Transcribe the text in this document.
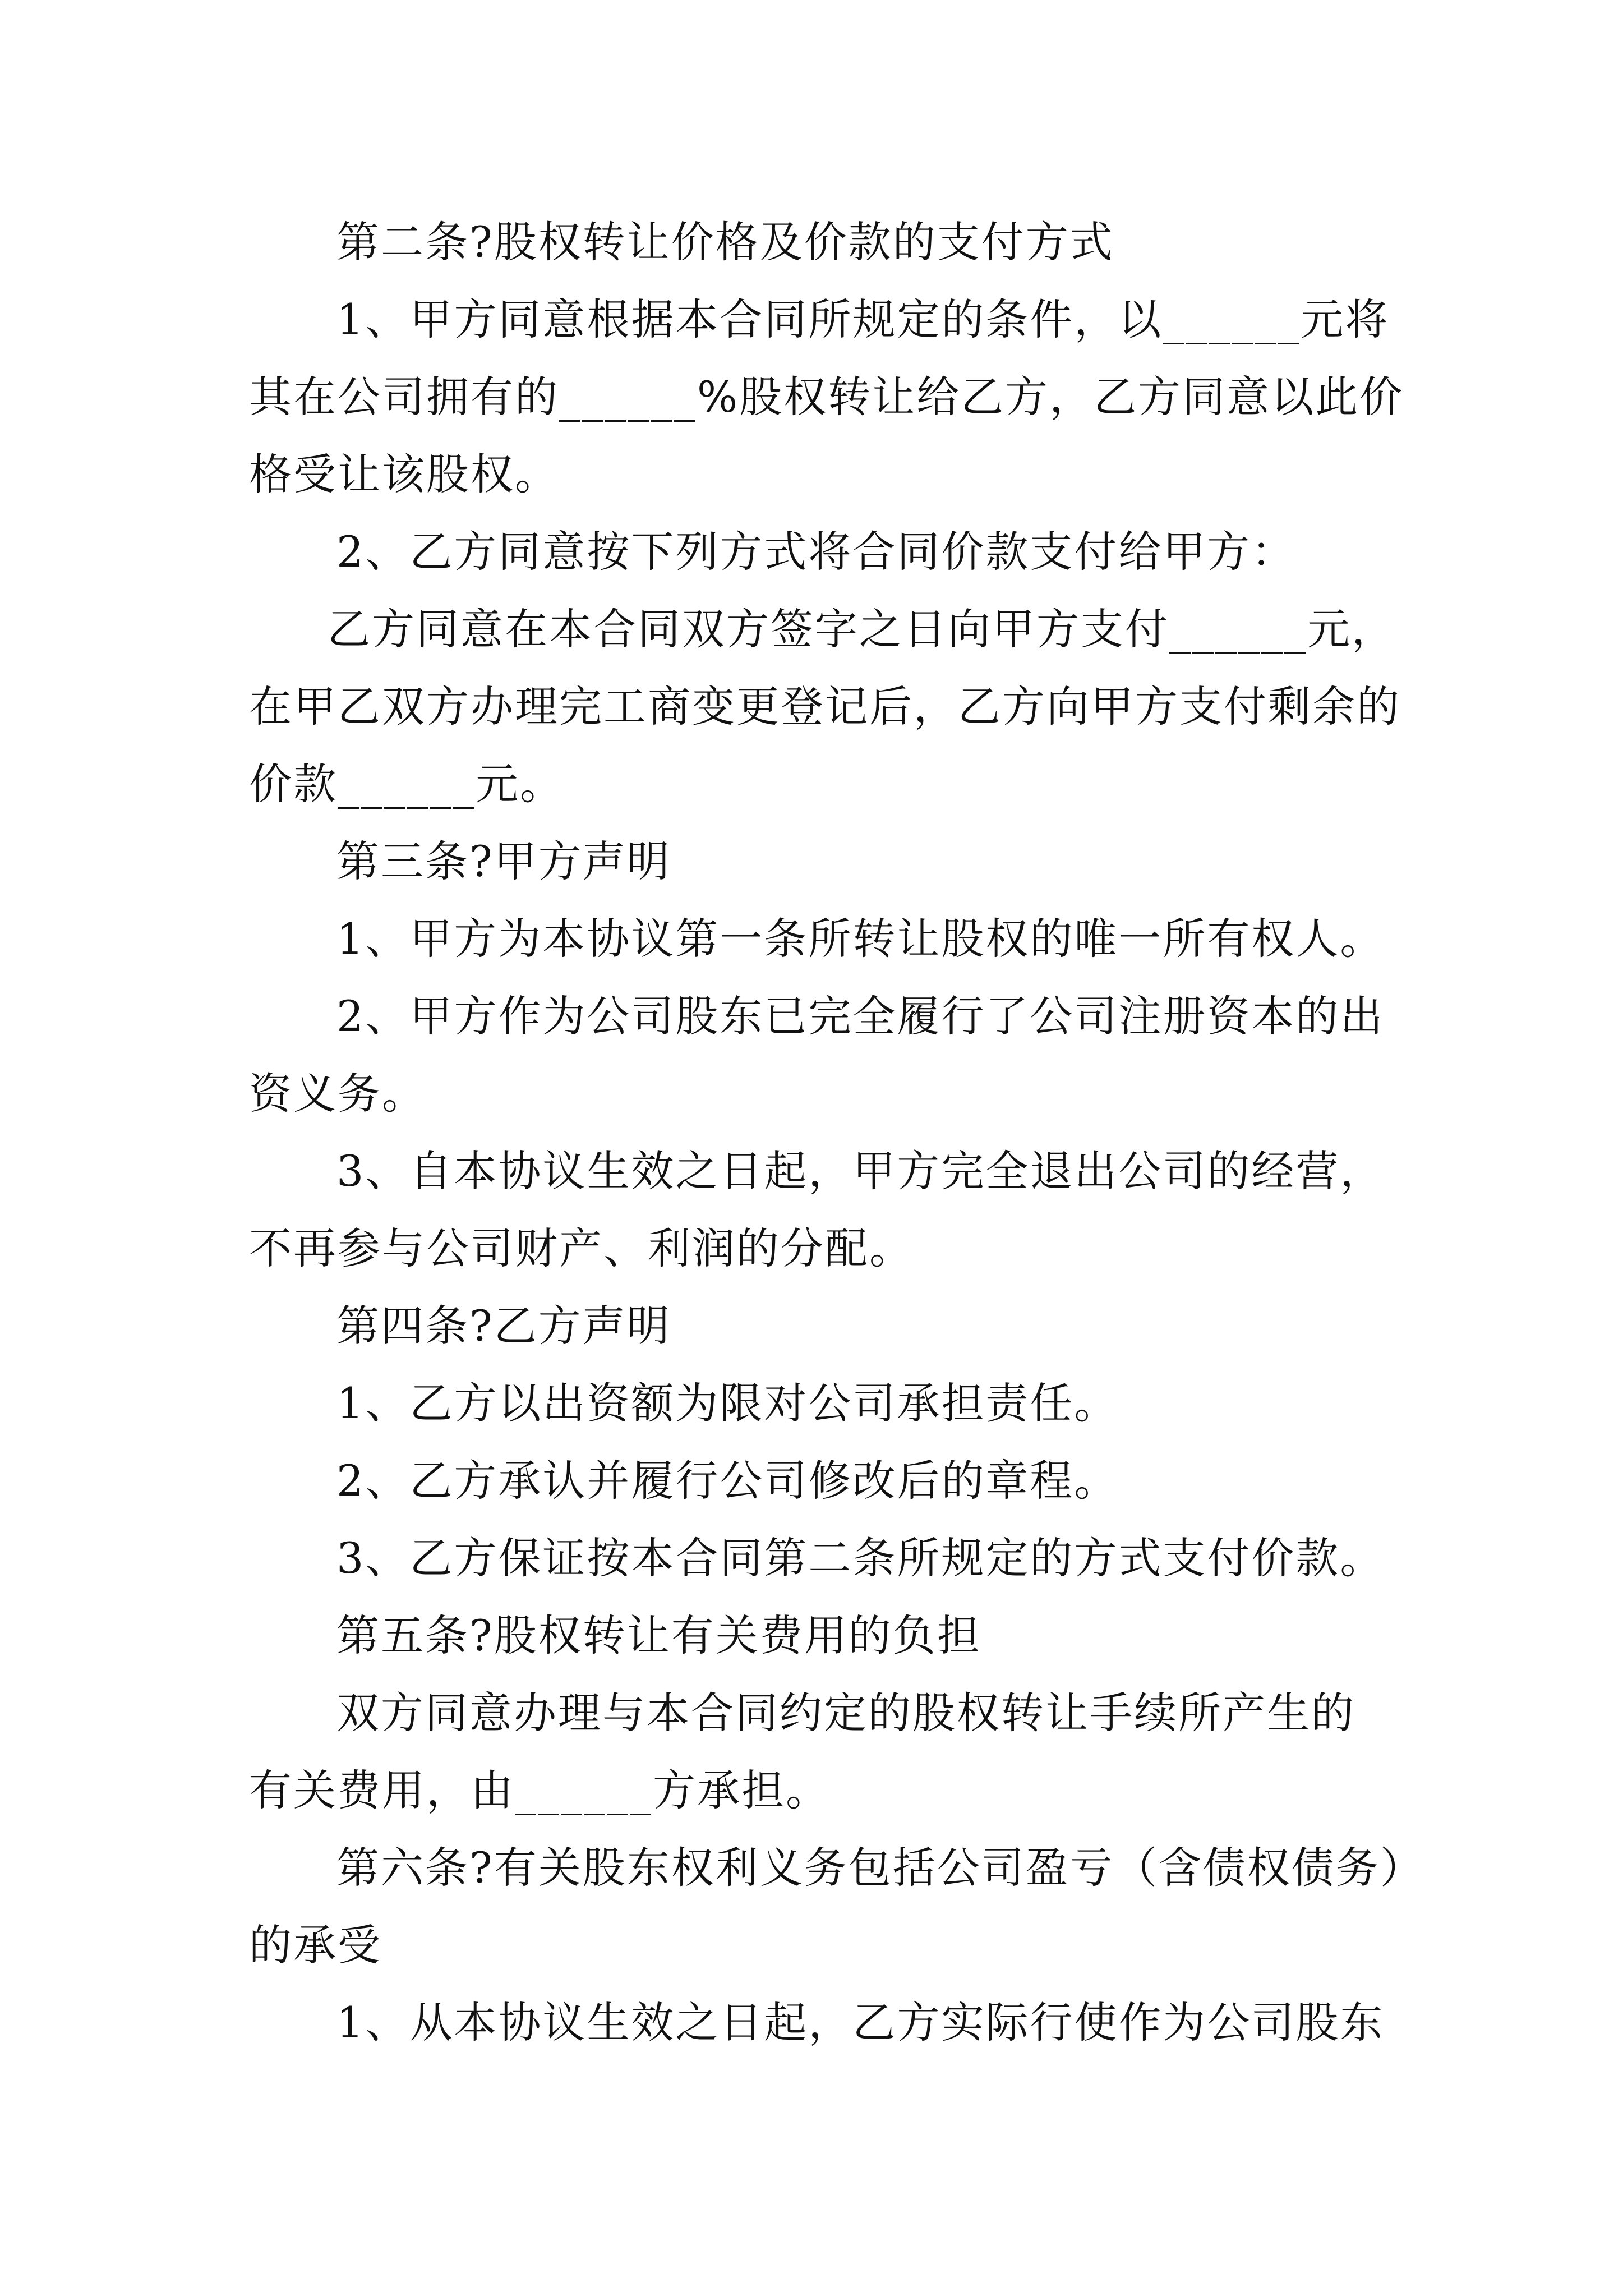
第二条?股权转让价格及价款的支付方式
1、甲方同意根据本合同所规定的条件，以______元将
其在公司拥有的______%股权转让给乙方，乙方同意以此价
格受让该股权。
2、乙方同意按下列方式将合同价款支付给甲方：
乙方同意在本合同双方签字之日向甲方支付______元，
在甲乙双方办理完工商变更登记后，乙方向甲方支付剩余的
价款______元。
第三条?甲方声明
1、甲方为本协议第一条所转让股权的唯一所有权人。
2、甲方作为公司股东已完全履行了公司注册资本的出
资义务。
3、自本协议生效之日起，甲方完全退出公司的经营，
不再参与公司财产、利润的分配。
第四条?乙方声明
1、乙方以出资额为限对公司承担责任。
2、乙方承认并履行公司修改后的章程。
3、乙方保证按本合同第二条所规定的方式支付价款。
第五条?股权转让有关费用的负担
双方同意办理与本合同约定的股权转让手续所产生的
有关费用，由______方承担。
第六条?有关股东权利义务包括公司盈亏（含债权债务）
的承受
1、从本协议生效之日起，乙方实际行使作为公司股东
